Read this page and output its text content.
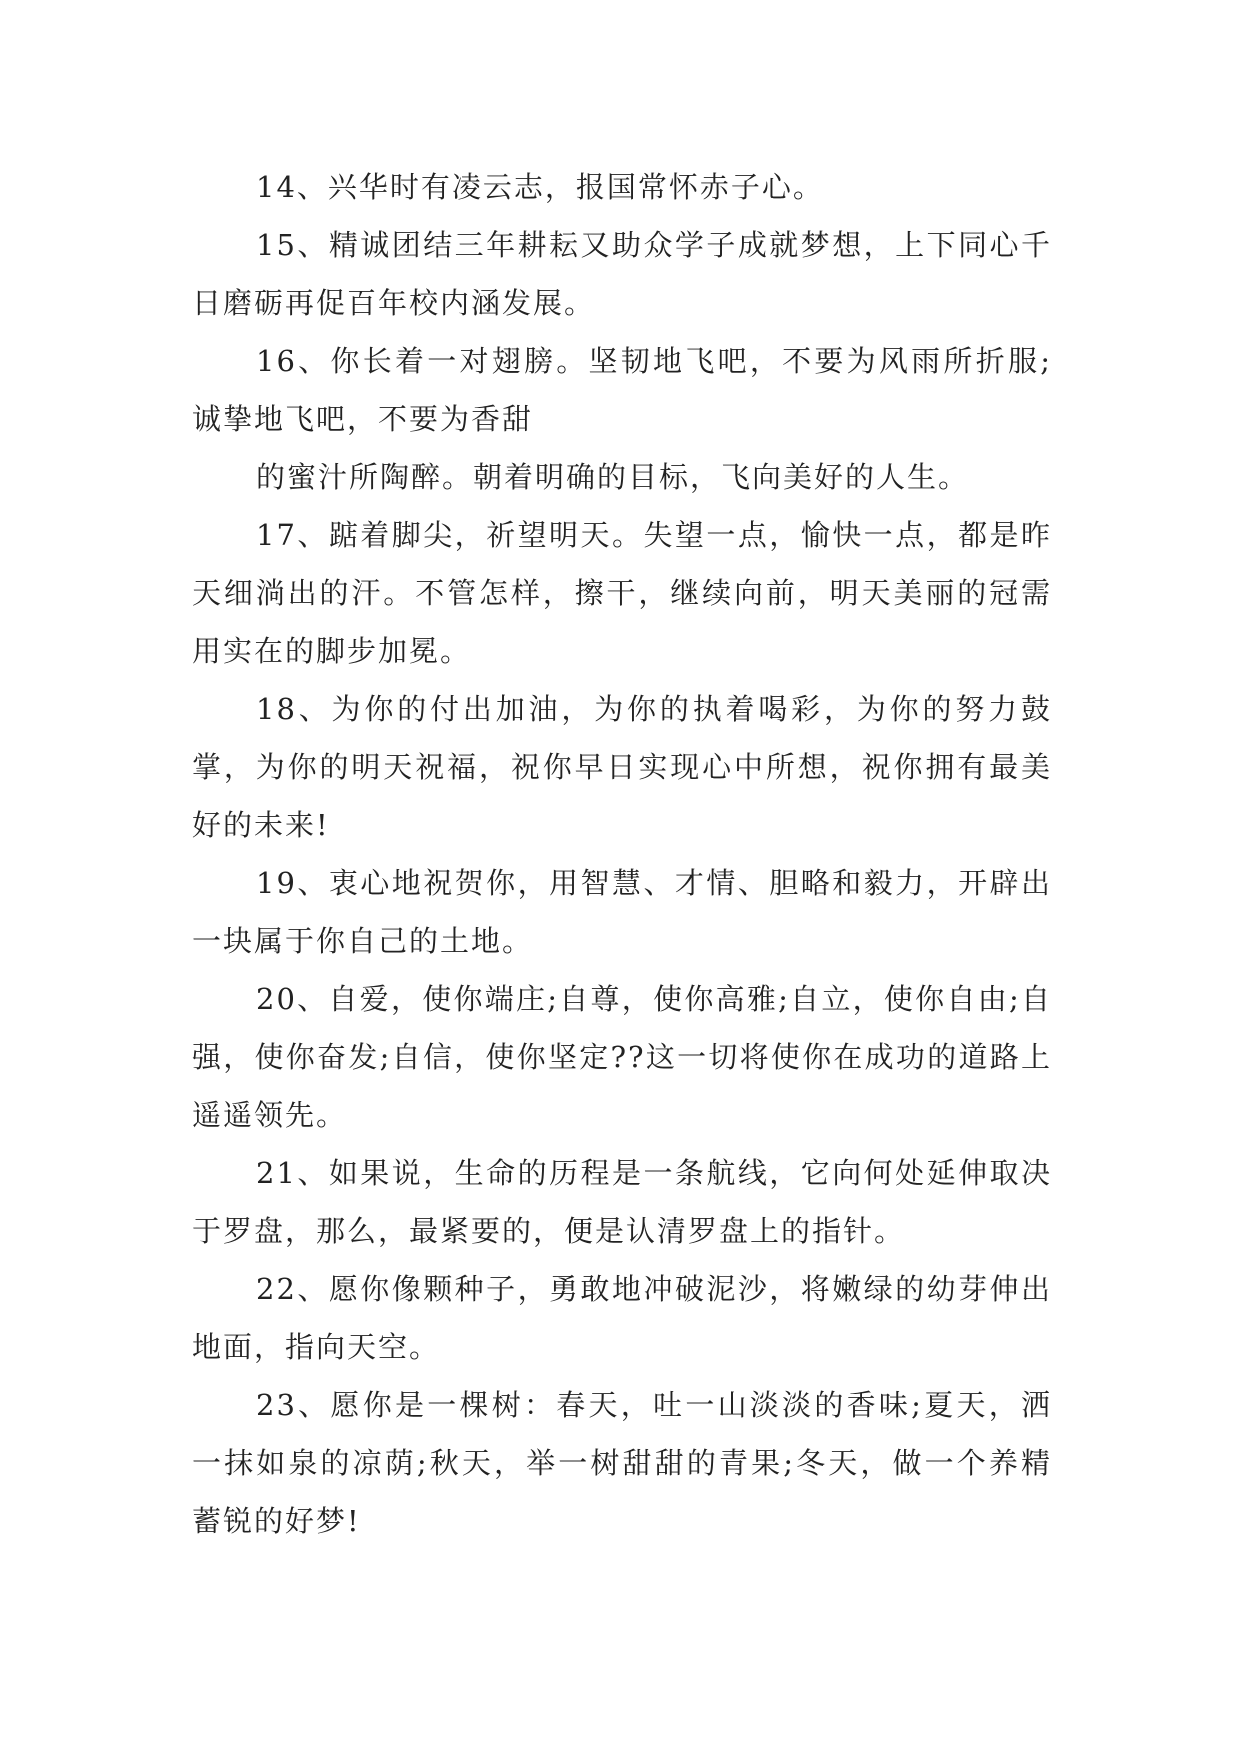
14、兴华时有凌云志，报国常怀赤子心。

15、精诚团结三年耕耘又助众学子成就梦想，上下同心千日磨砺再促百年校内涵发展。

16、你长着一对翅膀。坚韧地飞吧，不要为风雨所折服;诚挚地飞吧，不要为香甜

的蜜汁所陶醉。朝着明确的目标，飞向美好的人生。

17、踮着脚尖，祈望明天。失望一点，愉快一点，都是昨天细淌出的汗。不管怎样，擦干，继续向前，明天美丽的冠需用实在的脚步加冕。

18、为你的付出加油，为你的执着喝彩，为你的努力鼓掌，为你的明天祝福，祝你早日实现心中所想，祝你拥有最美好的未来!

19、衷心地祝贺你，用智慧、才情、胆略和毅力，开辟出一块属于你自己的土地。

20、自爱，使你端庄;自尊，使你高雅;自立，使你自由;自强，使你奋发;自信，使你坚定??这一切将使你在成功的道路上遥遥领先。

21、如果说，生命的历程是一条航线，它向何处延伸取决于罗盘，那么，最紧要的，便是认清罗盘上的指针。

22、愿你像颗种子，勇敢地冲破泥沙，将嫩绿的幼芽伸出地面，指向天空。

23、愿你是一棵树：春天，吐一山淡淡的香味;夏天，洒一抹如泉的凉荫;秋天，举一树甜甜的青果;冬天，做一个养精蓄锐的好梦!
